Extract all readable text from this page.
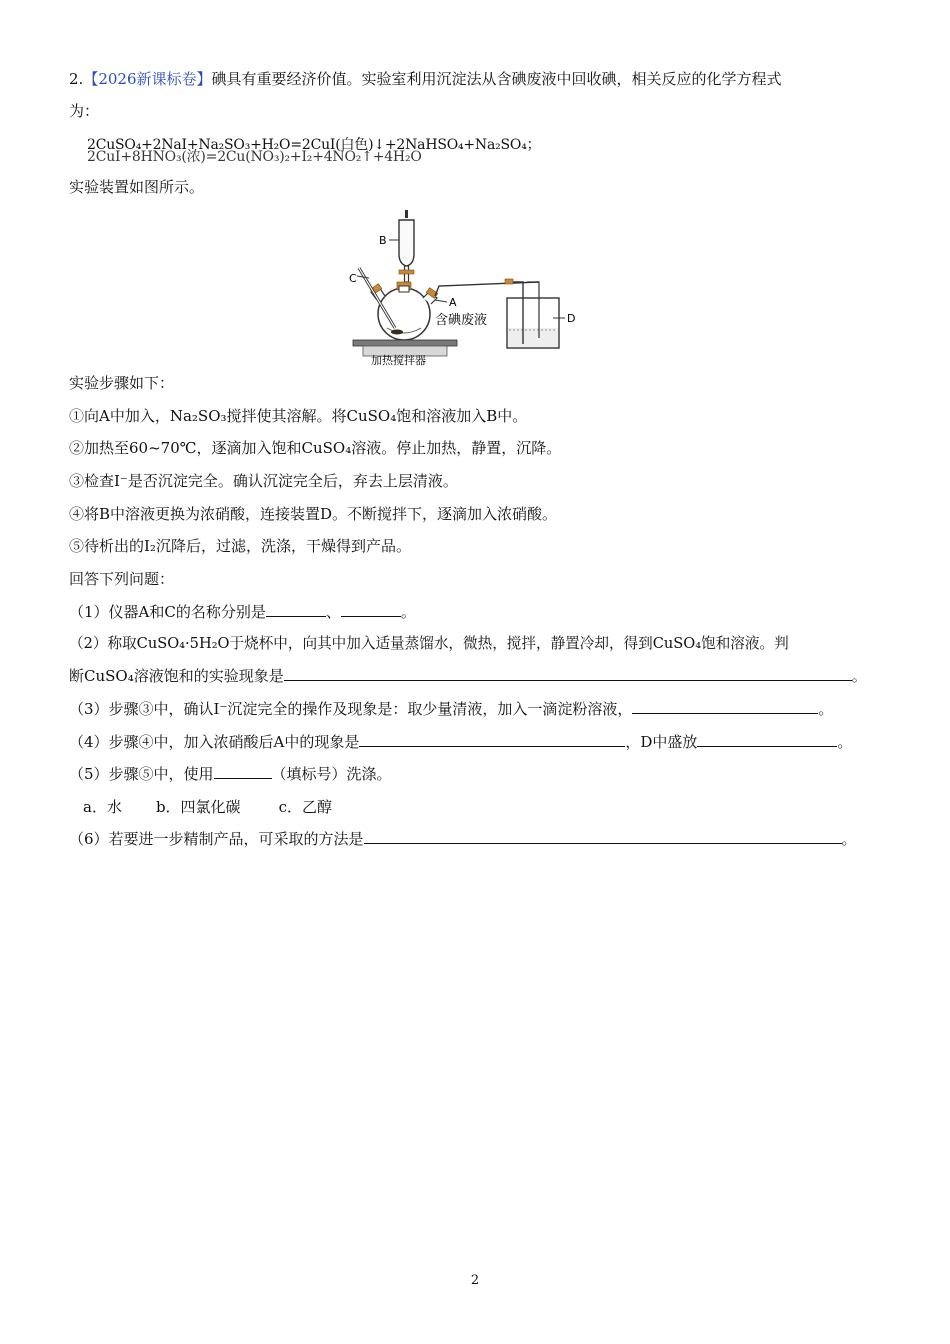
2.【2026新课标卷】碘具有重要经济价值。实验室利用沉淀法从含碘废液中回收碘，相关反应的化学方程式
为：
2CuSO₄+2NaI+Na₂SO₃+H₂O=2CuI(白色)↓+2NaHSO₄+Na₂SO₄；
2CuI+8HNO₃(浓)=2Cu(NO₃)₂+I₂+4NO₂↑+4H₂O
实验装置如图所示。
B
C
A
含碘废液	D
加热搅拌器
实验步骤如下：
①向A中加入，Na₂SO₃搅拌使其溶解。将CuSO₄饱和溶液加入B中。
②加热至60~70℃，逐滴加入饱和CuSO₄溶液。停止加热，静置，沉降。
③检查I⁻是否沉淀完全。确认沉淀完全后，弃去上层清液。
④将B中溶液更换为浓硝酸，连接装置D。不断搅拌下，逐滴加入浓硝酸。
⑤待析出的I₂沉降后，过滤，洗涤，干燥得到产品。
回答下列问题：
（1）仪器A和C的名称分别是	、	。
（2）称取CuSO₄·5H₂O于烧杯中，向其中加入适量蒸馏水，微热，搅拌，静置冷却，得到CuSO₄饱和溶液。判
断CuSO₄溶液饱和的实验现象是	。
（3）步骤③中，确认I⁻沉淀完全的操作及现象是：取少量清液，加入一滴淀粉溶液，	。
（4）步骤④中，加入浓硝酸后A中的现象是	，D中盛放	。
（5）步骤⑤中，使用	（填标号）洗涤。
a．水 b．四氯化碳	c．乙醇
（6）若要进一步精制产品，可采取的方法是	。
2
